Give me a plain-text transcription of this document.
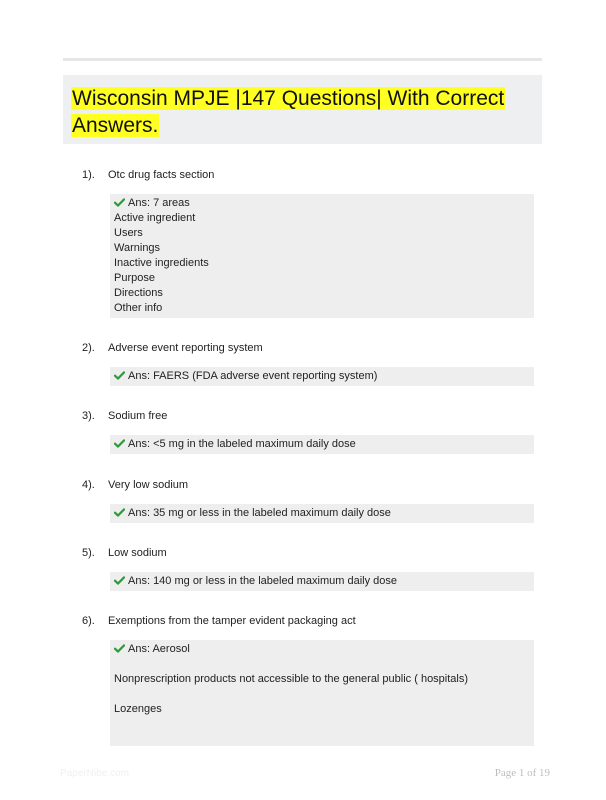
Wisconsin MPJE |147 Questions| With Correct Answers.
1). Otc drug facts section
Ans: 7 areas
Active ingredient
Users
Warnings
Inactive ingredients
Purpose
Directions
Other info
2). Adverse event reporting system
Ans: FAERS (FDA adverse event reporting system)
3). Sodium free
Ans: <5 mg in the labeled maximum daily dose
4). Very low sodium
Ans: 35 mg or less in the labeled maximum daily dose
5). Low sodium
Ans: 140 mg or less in the labeled maximum daily dose
6). Exemptions from the tamper evident packaging act
Ans: Aerosol
Nonprescription products not accessible to the general public ( hospitals)
Lozenges
PaperNibe.com	Page 1 of 19
